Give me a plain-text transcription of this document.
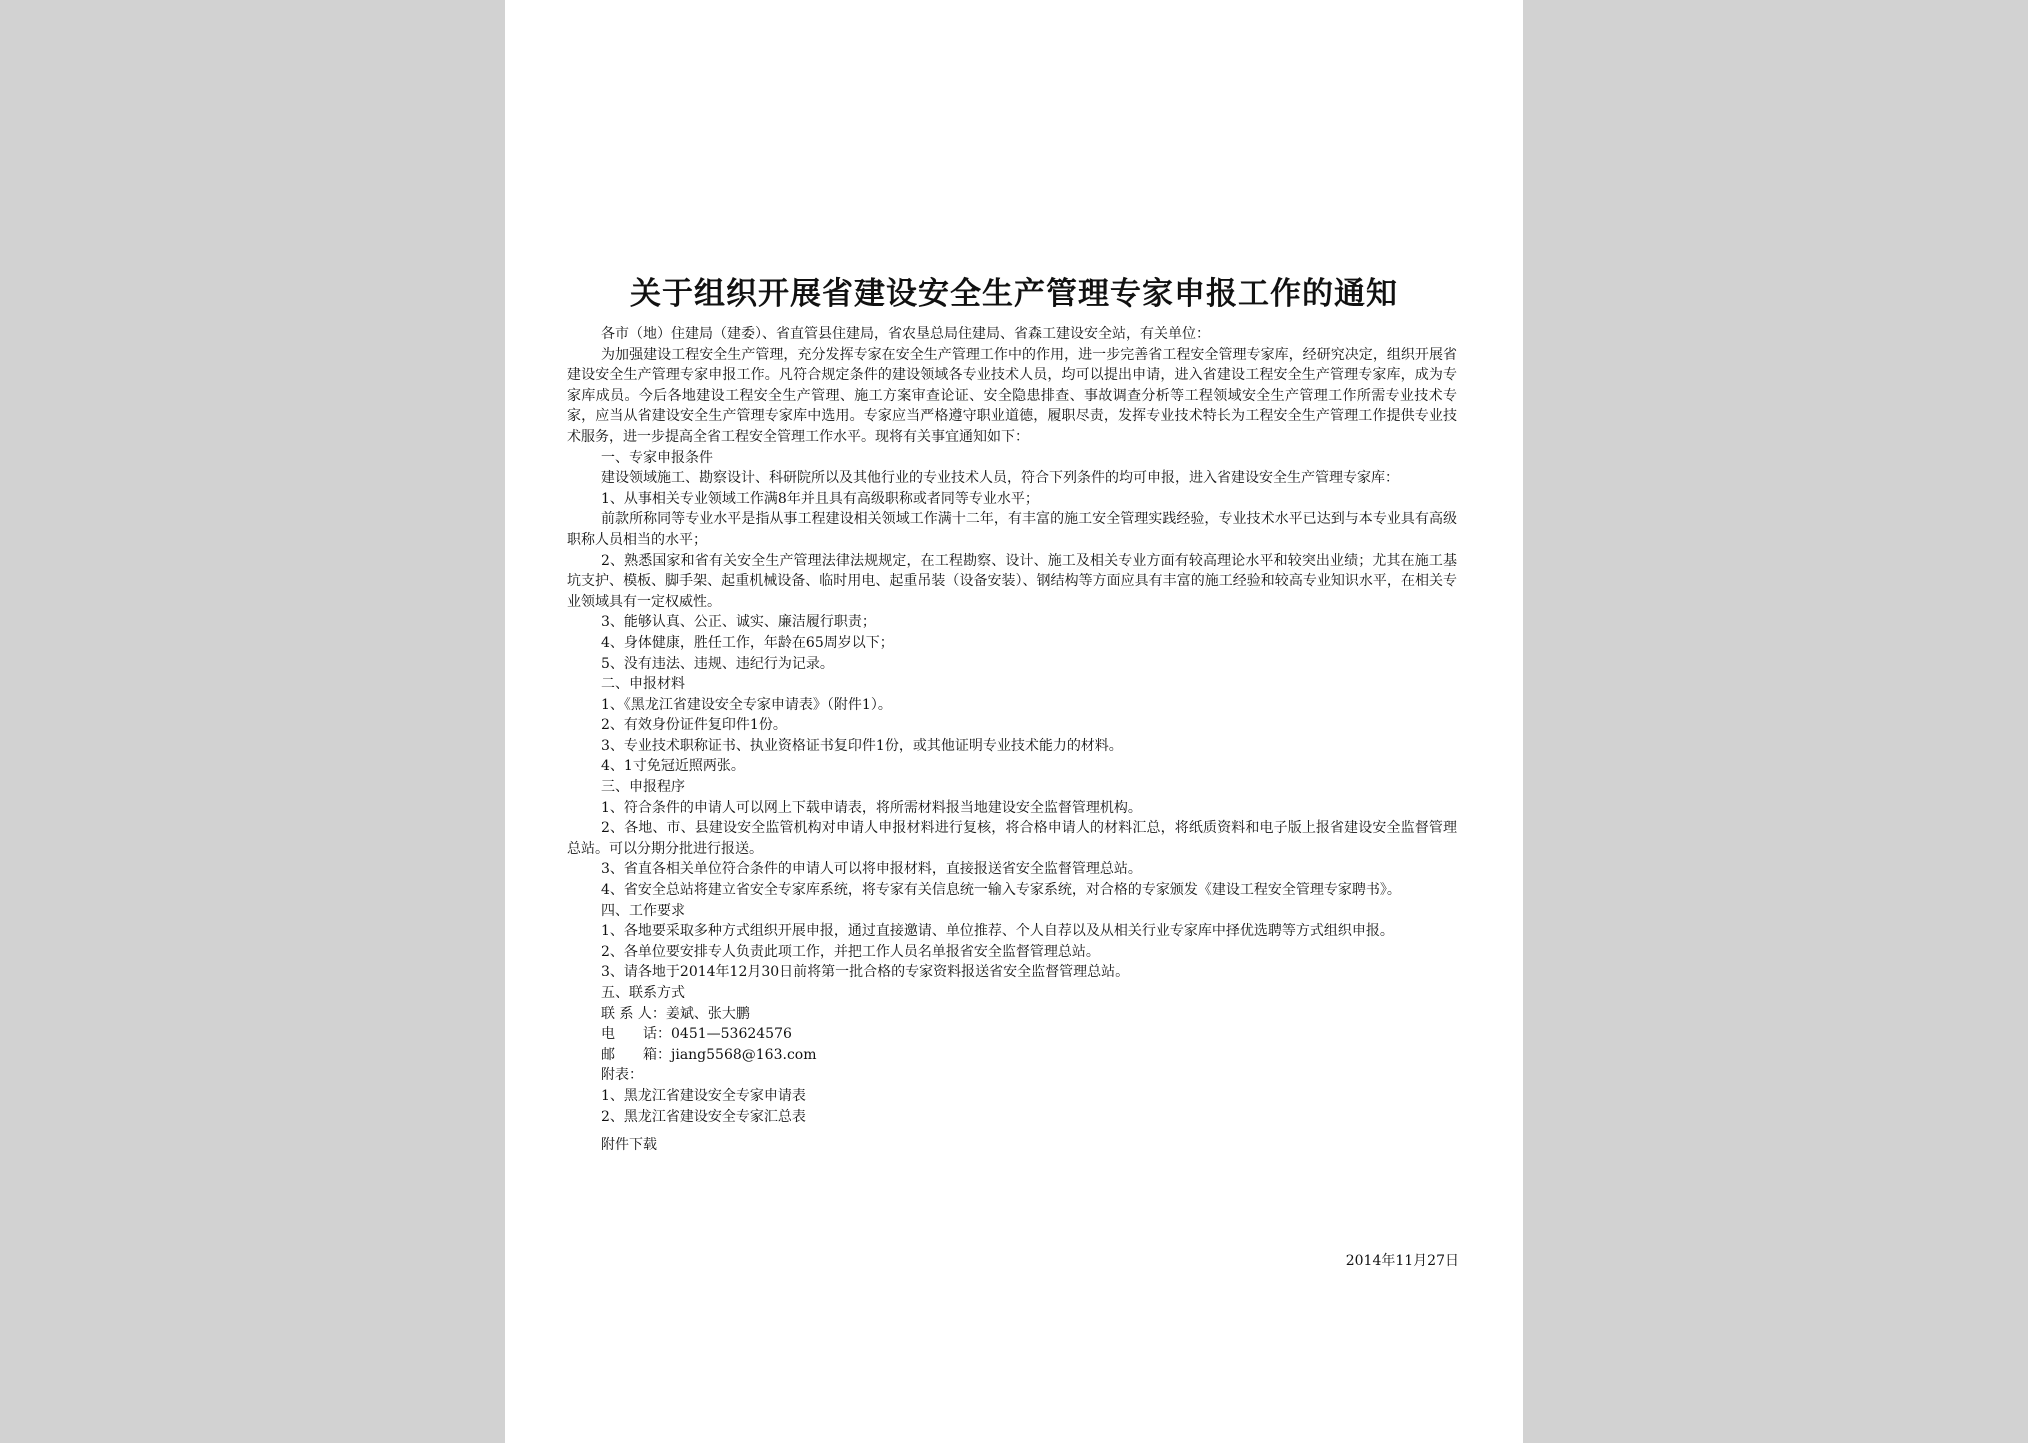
关于组织开展省建设安全生产管理专家申报工作的通知

各市（地）住建局（建委）、省直管县住建局，省农垦总局住建局、省森工建设安全站，有关单位：

为加强建设工程安全生产管理，充分发挥专家在安全生产管理工作中的作用，进一步完善省工程安全管理专家库，经研究决定，组织开展省建设安全生产管理专家申报工作。凡符合规定条件的建设领域各专业技术人员，均可以提出申请，进入省建设工程安全生产管理专家库，成为专家库成员。今后各地建设工程安全生产管理、施工方案审查论证、安全隐患排查、事故调查分析等工程领域安全生产管理工作所需专业技术专家，应当从省建设安全生产管理专家库中选用。专家应当严格遵守职业道德，履职尽责，发挥专业技术特长为工程安全生产管理工作提供专业技术服务，进一步提高全省工程安全管理工作水平。现将有关事宜通知如下：

一、专家申报条件

建设领域施工、勘察设计、科研院所以及其他行业的专业技术人员，符合下列条件的均可申报，进入省建设安全生产管理专家库：

1、从事相关专业领域工作满8年并且具有高级职称或者同等专业水平；

前款所称同等专业水平是指从事工程建设相关领域工作满十二年，有丰富的施工安全管理实践经验，专业技术水平已达到与本专业具有高级职称人员相当的水平；

2、熟悉国家和省有关安全生产管理法律法规规定，在工程勘察、设计、施工及相关专业方面有较高理论水平和较突出业绩；尤其在施工基坑支护、模板、脚手架、起重机械设备、临时用电、起重吊装（设备安装）、钢结构等方面应具有丰富的施工经验和较高专业知识水平，在相关专业领域具有一定权威性。

3、能够认真、公正、诚实、廉洁履行职责；

4、身体健康，胜任工作，年龄在65周岁以下；

5、没有违法、违规、违纪行为记录。

二、申报材料

1、《黑龙江省建设安全专家申请表》（附件1）。

2、有效身份证件复印件1份。

3、专业技术职称证书、执业资格证书复印件1份，或其他证明专业技术能力的材料。

4、1寸免冠近照两张。

三、申报程序

1、符合条件的申请人可以网上下载申请表，将所需材料报当地建设安全监督管理机构。

2、各地、市、县建设安全监管机构对申请人申报材料进行复核，将合格申请人的材料汇总，将纸质资料和电子版上报省建设安全监督管理总站。可以分期分批进行报送。

3、省直各相关单位符合条件的申请人可以将申报材料，直接报送省安全监督管理总站。

4、省安全总站将建立省安全专家库系统，将专家有关信息统一输入专家系统，对合格的专家颁发《建设工程安全管理专家聘书》。

四、工作要求

1、各地要采取多种方式组织开展申报，通过直接邀请、单位推荐、个人自荐以及从相关行业专家库中择优选聘等方式组织申报。

2、各单位要安排专人负责此项工作，并把工作人员名单报省安全监督管理总站。

3、请各地于2014年12月30日前将第一批合格的专家资料报送省安全监督管理总站。

五、联系方式

联 系 人：姜斌、张大鹏

电　　话：0451—53624576

邮　　箱：jiang5568@163.com

附表：

1、黑龙江省建设安全专家申请表

2、黑龙江省建设安全专家汇总表

附件下载

2014年11月27日
